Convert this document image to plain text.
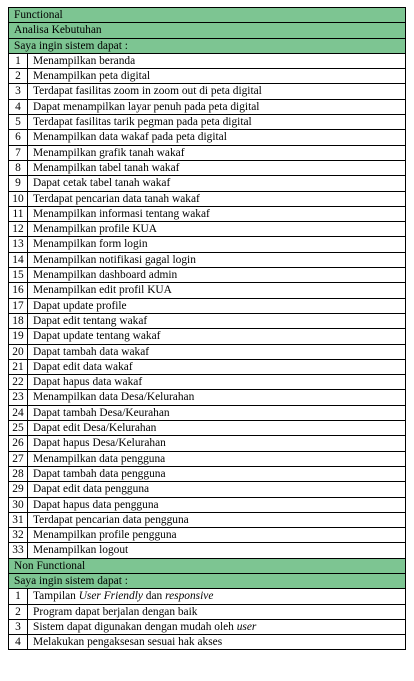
Functional	
Analisa Kebutuhan	
Saya ingin sistem dapat :	
1	Menampilkan beranda
2	Menampilkan peta digital
3	Terdapat fasilitas zoom in zoom out di peta digital
4	Dapat menampilkan layar penuh pada peta digital
5	Terdapat fasilitas tarik pegman pada peta digital
6	Menampilkan data wakaf pada peta digital
7	Menampilkan grafik tanah wakaf
8	Menampilkan tabel tanah wakaf
9	Dapat cetak tabel tanah wakaf
10	Terdapat pencarian data tanah wakaf
11	Menampilkan informasi tentang wakaf
12	Menampilkan profile KUA
13	Menampilkan form login
14	Menampilkan notifikasi gagal login
15	Menampilkan dashboard admin
16	Menampilkan edit profil KUA
17	Dapat update profile
18	Dapat edit tentang wakaf
19	Dapat update tentang wakaf
20	Dapat tambah data wakaf
21	Dapat edit data wakaf
22	Dapat hapus data wakaf
23	Menampilkan data Desa/Kelurahan
24	Dapat tambah Desa/Keurahan
25	Dapat edit Desa/Kelurahan
26	Dapat hapus Desa/Kelurahan
27	Menampilkan data pengguna
28	Dapat tambah data pengguna
29	Dapat edit data pengguna
30	Dapat hapus data pengguna
31	Terdapat pencarian data pengguna
32	Menampilkan profile pengguna
33	Menampilkan logout
Non Functional	
Saya ingin sistem dapat :	
1	Tampilan User Friendly dan responsive
2	Program dapat berjalan dengan baik
3	Sistem dapat digunakan dengan mudah oleh user
4	Melakukan pengaksesan sesuai hak akses
